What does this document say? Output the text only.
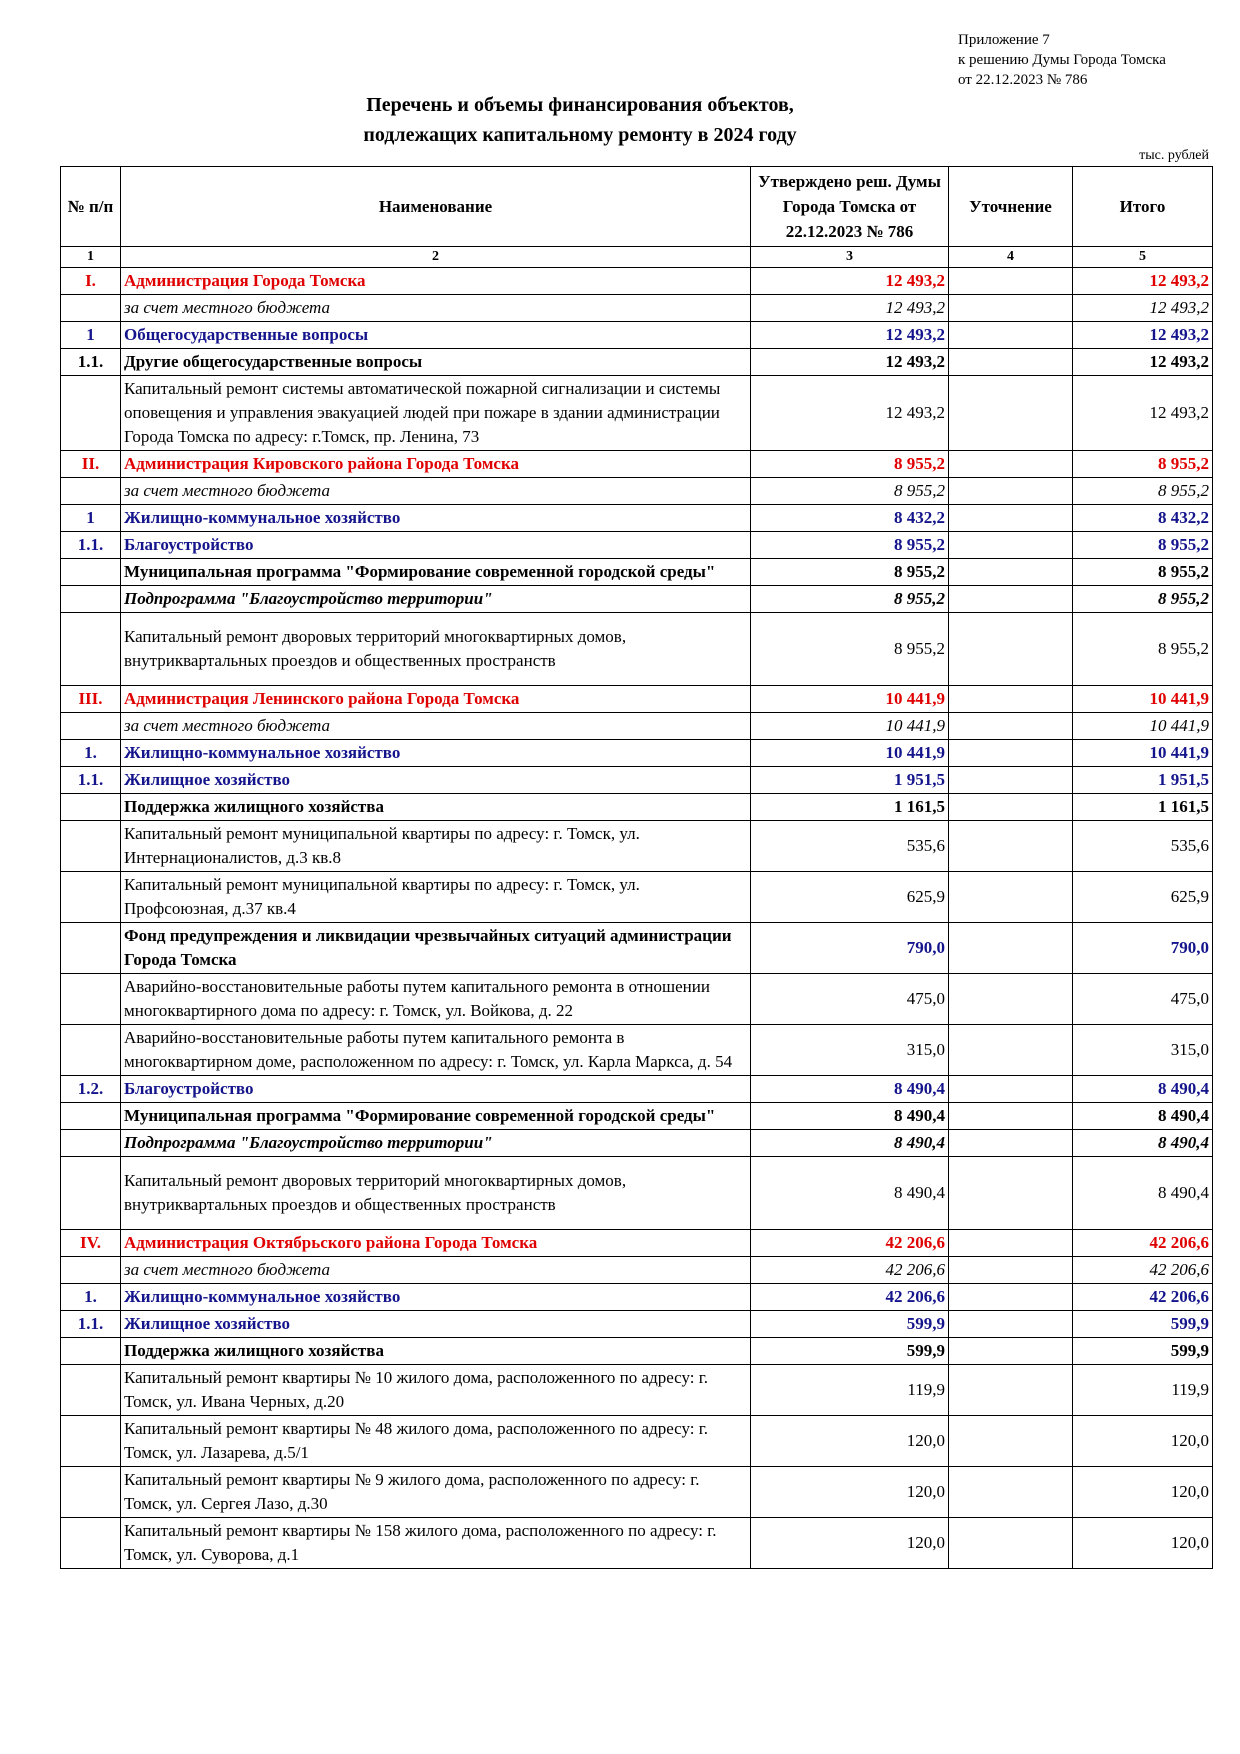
Приложение 7
к решению Думы Города Томска
от 22.12.2023 № 786
Перечень и объемы финансирования объектов,
подлежащих капитальному ремонту в 2024 году
тыс. рублей
№ п/п	Наименование	Утверждено реш. Думы Города Томска от 22.12.2023 № 786	Уточнение	Итого
1	2	3	4	5
I.	Администрация Города Томска	12 493,2		12 493,2
	за счет местного бюджета	12 493,2		12 493,2
1	Общегосударственные вопросы	12 493,2		12 493,2
1.1.	Другие общегосударственные вопросы	12 493,2		12 493,2
	Капитальный ремонт системы автоматической пожарной сигнализации и системы оповещения и управления эвакуацией людей при пожаре в здании администрации Города Томска по адресу: г.Томск, пр. Ленина, 73	12 493,2		12 493,2
II.	Администрация Кировского района Города Томска	8 955,2		8 955,2
	за счет местного бюджета	8 955,2		8 955,2
1	Жилищно-коммунальное хозяйство	8 432,2		8 432,2
1.1.	Благоустройство	8 955,2		8 955,2
	Муниципальная программа "Формирование современной городской среды"	8 955,2		8 955,2
	Подпрограмма "Благоустройство территории"	8 955,2		8 955,2
	Капитальный ремонт дворовых территорий многоквартирных домов, внутриквартальных проездов и общественных пространств	8 955,2		8 955,2
III.	Администрация Ленинского района Города Томска	10 441,9		10 441,9
	за счет местного бюджета	10 441,9		10 441,9
1.	Жилищно-коммунальное хозяйство	10 441,9		10 441,9
1.1.	Жилищное хозяйство	1 951,5		1 951,5
	Поддержка жилищного хозяйства	1 161,5		1 161,5
	Капитальный ремонт муниципальной квартиры по адресу: г. Томск, ул. Интернационалистов, д.3 кв.8	535,6		535,6
	Капитальный ремонт муниципальной квартиры по адресу: г. Томск, ул. Профсоюзная, д.37 кв.4	625,9		625,9
	Фонд предупреждения и ликвидации чрезвычайных ситуаций администрации Города Томска	790,0		790,0
	Аварийно-восстановительные работы путем капитального ремонта в отношении многоквартирного дома по адресу: г. Томск, ул. Войкова, д. 22	475,0		475,0
	Аварийно-восстановительные работы путем капитального ремонта в многоквартирном доме, расположенном по адресу: г. Томск, ул. Карла Маркса, д. 54	315,0		315,0
1.2.	Благоустройство	8 490,4		8 490,4
	Муниципальная программа "Формирование современной городской среды"	8 490,4		8 490,4
	Подпрограмма "Благоустройство территории"	8 490,4		8 490,4
	Капитальный ремонт дворовых территорий многоквартирных домов, внутриквартальных проездов и общественных пространств	8 490,4		8 490,4
IV.	Администрация Октябрьского района Города Томска	42 206,6		42 206,6
	за счет местного бюджета	42 206,6		42 206,6
1.	Жилищно-коммунальное хозяйство	42 206,6		42 206,6
1.1.	Жилищное хозяйство	599,9		599,9
	Поддержка жилищного хозяйства	599,9		599,9
	Капитальный ремонт квартиры № 10 жилого дома, расположенного по адресу: г. Томск, ул. Ивана Черных, д.20	119,9		119,9
	Капитальный ремонт квартиры № 48 жилого дома, расположенного по адресу: г. Томск, ул. Лазарева, д.5/1	120,0		120,0
	Капитальный ремонт квартиры № 9 жилого дома, расположенного по адресу: г. Томск, ул. Сергея Лазо, д.30	120,0		120,0
	Капитальный ремонт квартиры № 158 жилого дома, расположенного по адресу: г. Томск, ул. Суворова, д.1	120,0		120,0
